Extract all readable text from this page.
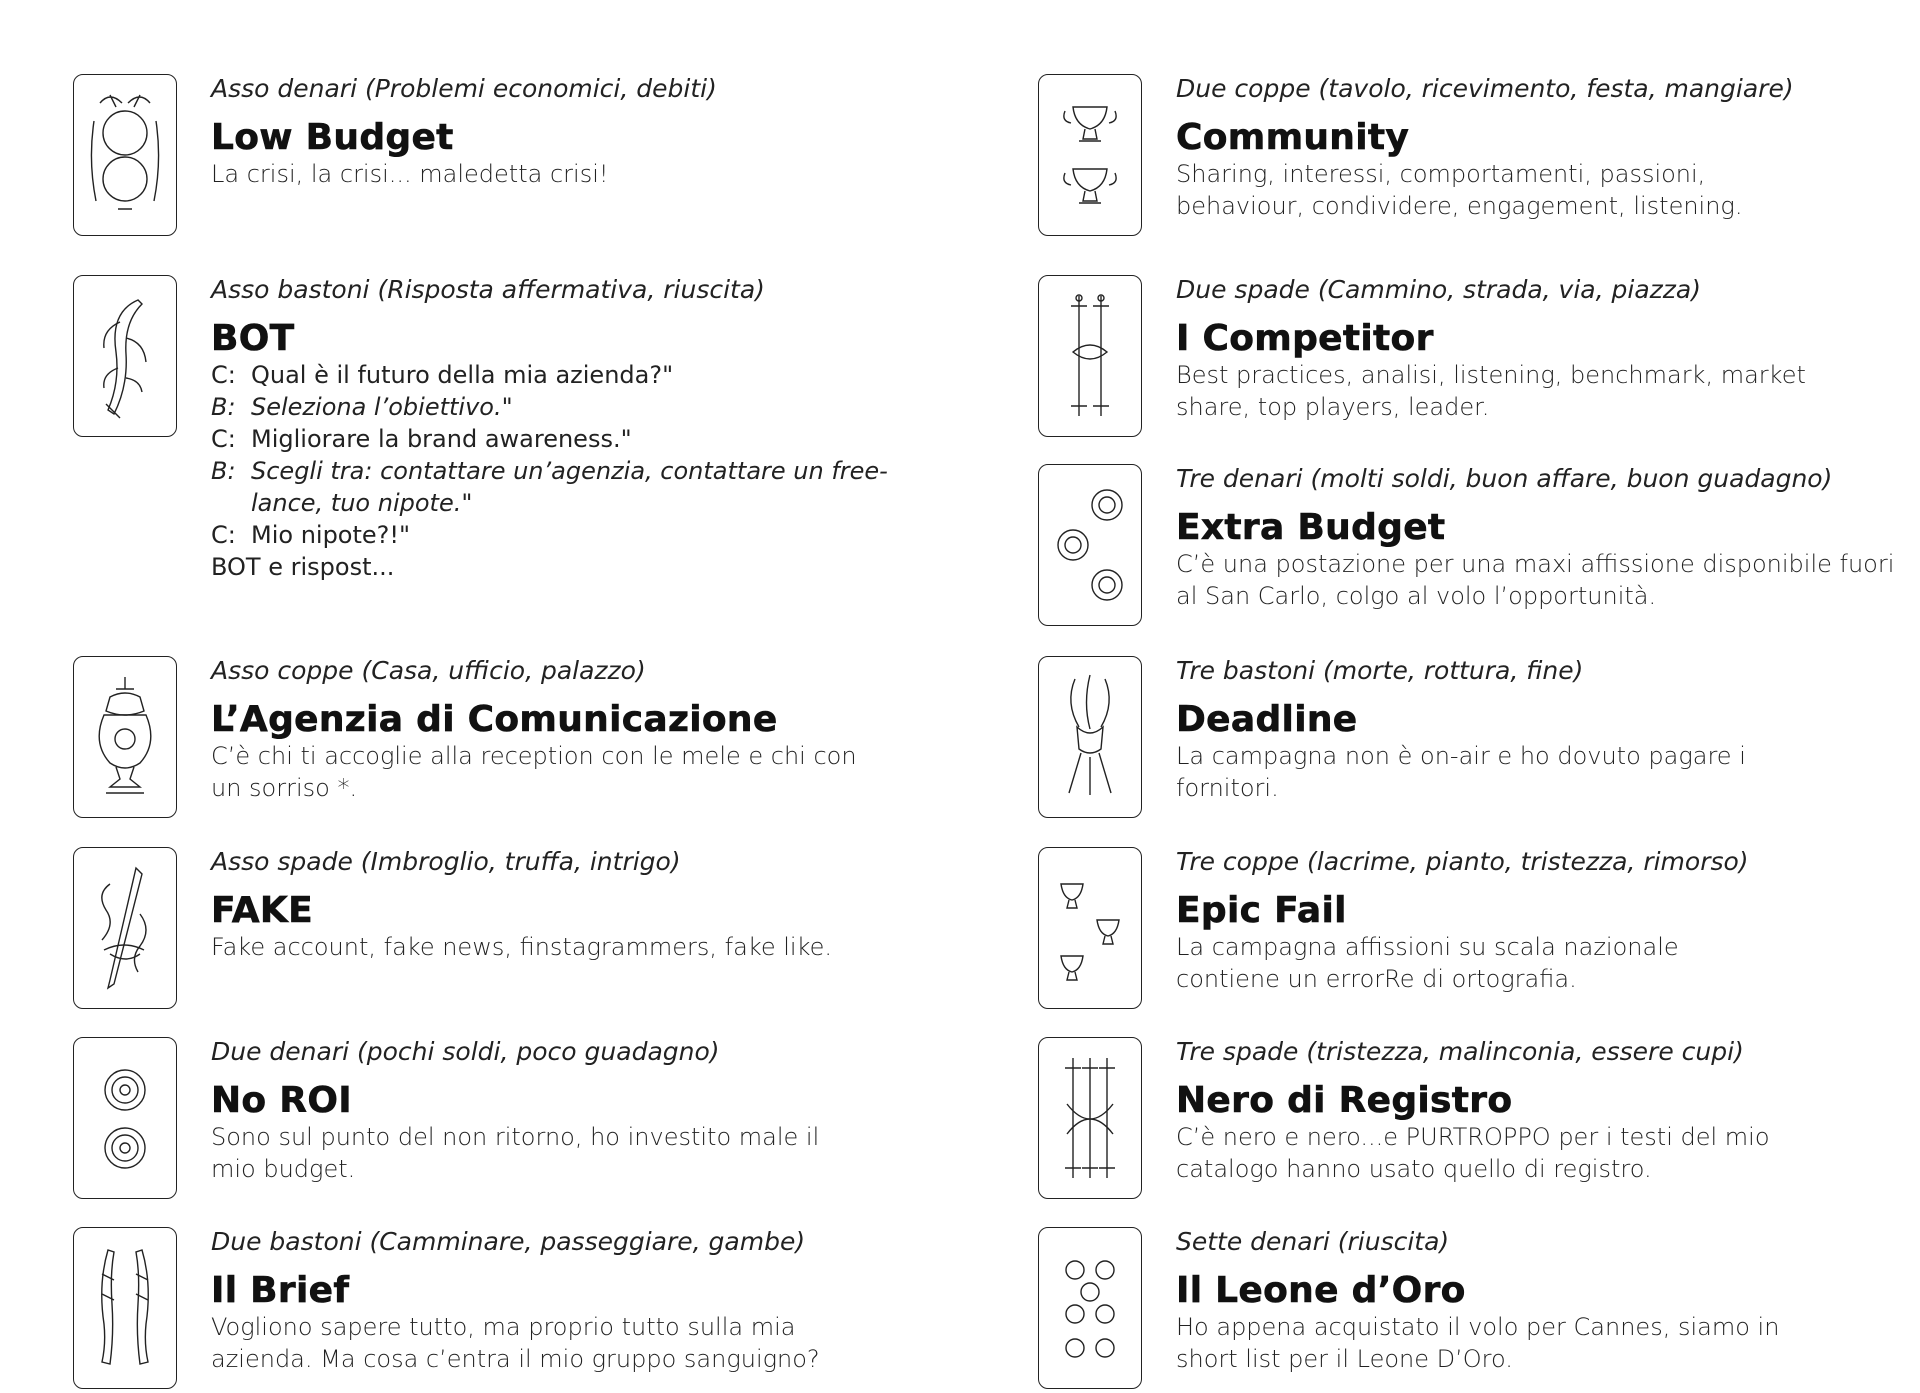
Asso denari (Problemi economici, debiti)
Low Budget
La crisi, la crisi... maledetta crisi!
Asso bastoni (Risposta affermativa, riuscita)
BOT
C: Qual è il futuro della mia azienda?"
B: Seleziona l’obiettivo."
C: Migliorare la brand awareness."
B: Scegli tra: contattare un’agenzia, contattare un free-lance, tuo nipote."
C: Mio nipote?!"
BOT e rispost...
Asso coppe (Casa, ufficio, palazzo)
L’Agenzia di Comunicazione
C’è chi ti accoglie alla reception con le mele e chi con un sorriso *.
Asso spade (Imbroglio, truffa, intrigo)
FAKE
Fake account, fake news, finstagrammers, fake like.
Due denari (pochi soldi, poco guadagno)
No ROI
Sono sul punto del non ritorno, ho investito male il mio budget.
Due bastoni (Camminare, passeggiare, gambe)
Il Brief
Vogliono sapere tutto, ma proprio tutto sulla mia azienda. Ma cosa c’entra il mio gruppo sanguigno?
Due coppe (tavolo, ricevimento, festa, mangiare)
Community
Sharing, interessi, comportamenti, passioni, behaviour, condividere, engagement, listening.
Due spade (Cammino, strada, via, piazza)
I Competitor
Best practices, analisi, listening, benchmark, market share, top players, leader.
Tre denari (molti soldi, buon affare, buon guadagno)
Extra Budget
C’è una postazione per una maxi affissione disponibile fuori al San Carlo, colgo al volo l’opportunità.
Tre bastoni (morte, rottura, fine)
Deadline
La campagna non è on-air e ho dovuto pagare i fornitori.
Tre coppe (lacrime, pianto, tristezza, rimorso)
Epic Fail
La campagna affissioni su scala nazionale contiene un errorRe di ortografia.
Tre spade (tristezza, malinconia, essere cupi)
Nero di Registro
C’è nero e nero...e PURTROPPO per i testi del mio catalogo hanno usato quello di registro.
Sette denari (riuscita)
Il Leone d’Oro
Ho appena acquistato il volo per Cannes, siamo in short list per il Leone D’Oro.
